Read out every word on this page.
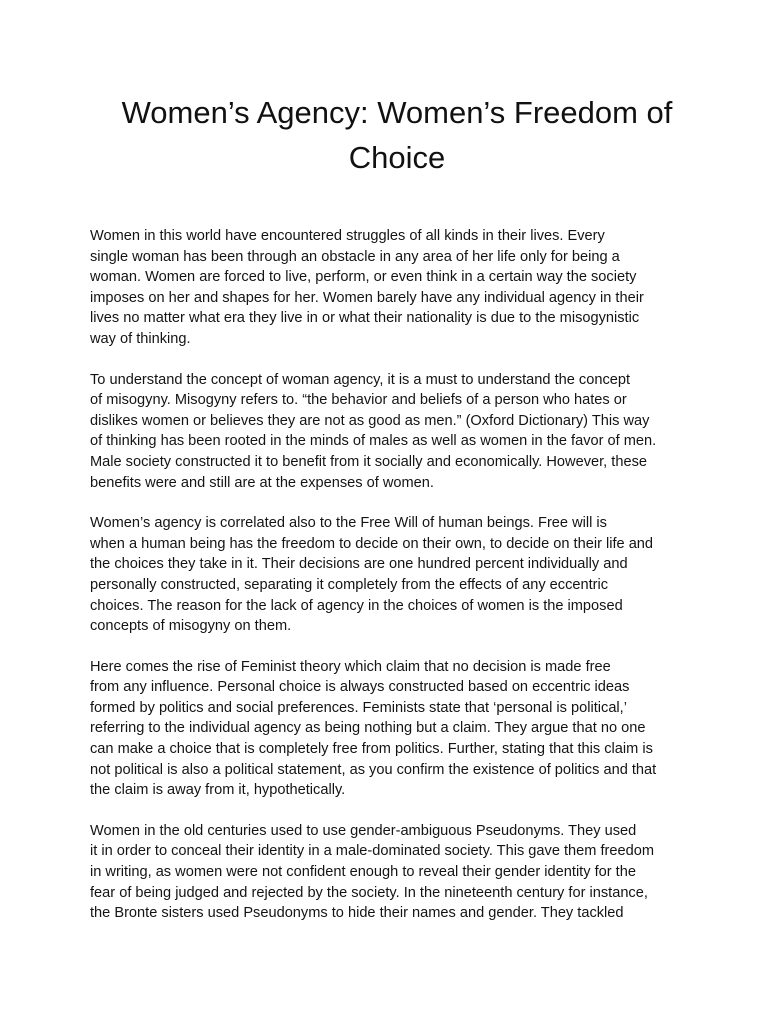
Women’s Agency: Women’s Freedom of Choice

Women in this world have encountered struggles of all kinds in their lives. Every
single woman has been through an obstacle in any area of her life only for being a
woman. Women are forced to live, perform, or even think in a certain way the society
imposes on her and shapes for her. Women barely have any individual agency in their
lives no matter what era they live in or what their nationality is due to the misogynistic
way of thinking.

To understand the concept of woman agency, it is a must to understand the concept
of misogyny. Misogyny refers to. “the behavior and beliefs of a person who hates or
dislikes women or believes they are not as good as men.” (Oxford Dictionary) This way
of thinking has been rooted in the minds of males as well as women in the favor of men.
Male society constructed it to benefit from it socially and economically. However, these
benefits were and still are at the expenses of women.

Women’s agency is correlated also to the Free Will of human beings. Free will is
when a human being has the freedom to decide on their own, to decide on their life and
the choices they take in it. Their decisions are one hundred percent individually and
personally constructed, separating it completely from the effects of any eccentric
choices. The reason for the lack of agency in the choices of women is the imposed
concepts of misogyny on them.

Here comes the rise of Feminist theory which claim that no decision is made free
from any influence. Personal choice is always constructed based on eccentric ideas
formed by politics and social preferences. Feminists state that ‘personal is political,’
referring to the individual agency as being nothing but a claim. They argue that no one
can make a choice that is completely free from politics. Further, stating that this claim is
not political is also a political statement, as you confirm the existence of politics and that
the claim is away from it, hypothetically.

Women in the old centuries used to use gender-ambiguous Pseudonyms. They used
it in order to conceal their identity in a male-dominated society. This gave them freedom
in writing, as women were not confident enough to reveal their gender identity for the
fear of being judged and rejected by the society. In the nineteenth century for instance,
the Bronte sisters used Pseudonyms to hide their names and gender. They tackled
